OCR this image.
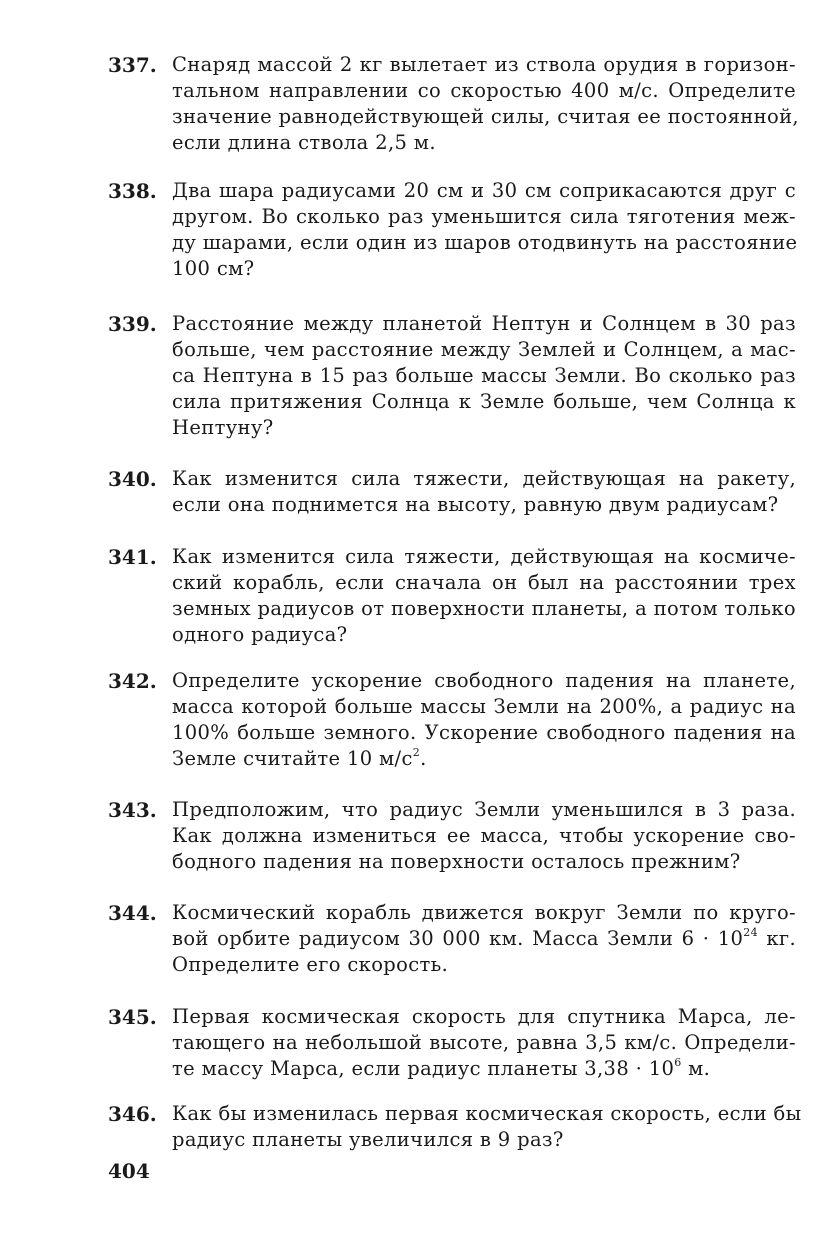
337. Снаряд массой 2 кг вылетает из ствола орудия в горизон-
тальном направлении со скоростью 400 м/с. Определите
значение равнодействующей силы, считая ее постоянной,
если длина ствола 2,5 м.
338. Два шара радиусами 20 см и 30 см соприкасаются друг с
другом. Во сколько раз уменьшится сила тяготения меж-
ду шарами, если один из шаров отодвинуть на расстояние
100 см?
339. Расстояние между планетой Нептун и Солнцем в 30 раз
больше, чем расстояние между Землей и Солнцем, а мас-
са Нептуна в 15 раз больше массы Земли. Во сколько раз
сила притяжения Солнца к Земле больше, чем Солнца к
Нептуну?
340. Как изменится сила тяжести, действующая на ракету,
если она поднимется на высоту, равную двум радиусам?
341. Как изменится сила тяжести, действующая на космиче-
ский корабль, если сначала он был на расстоянии трех
земных радиусов от поверхности планеты, а потом только
одного радиуса?
342. Определите ускорение свободного падения на планете,
масса которой больше массы Земли на 200%, а радиус на
100% больше земного. Ускорение свободного падения на
Земле считайте 10 $м/с^2$.
343. Предположим, что радиус Земли уменьшился в 3 раза.
Как должна измениться ее масса, чтобы ускорение сво-
бодного падения на поверхности осталось прежним?
344. Космический корабль движется вокруг Земли по круго-
вой орбите радиусом 30 000 км. Масса Земли $6 \cdot 10^{24}$ кг.
Определите его скорость.
345. Первая космическая скорость для спутника Марса, ле-
тающего на небольшой высоте, равна 3,5 км/с. Определи-
те массу Марса, если радиус планеты $3,38 \cdot 10^6$ м.
346. Как бы изменилась первая космическая скорость, если бы
радиус планеты увеличился в 9 раз?
404
